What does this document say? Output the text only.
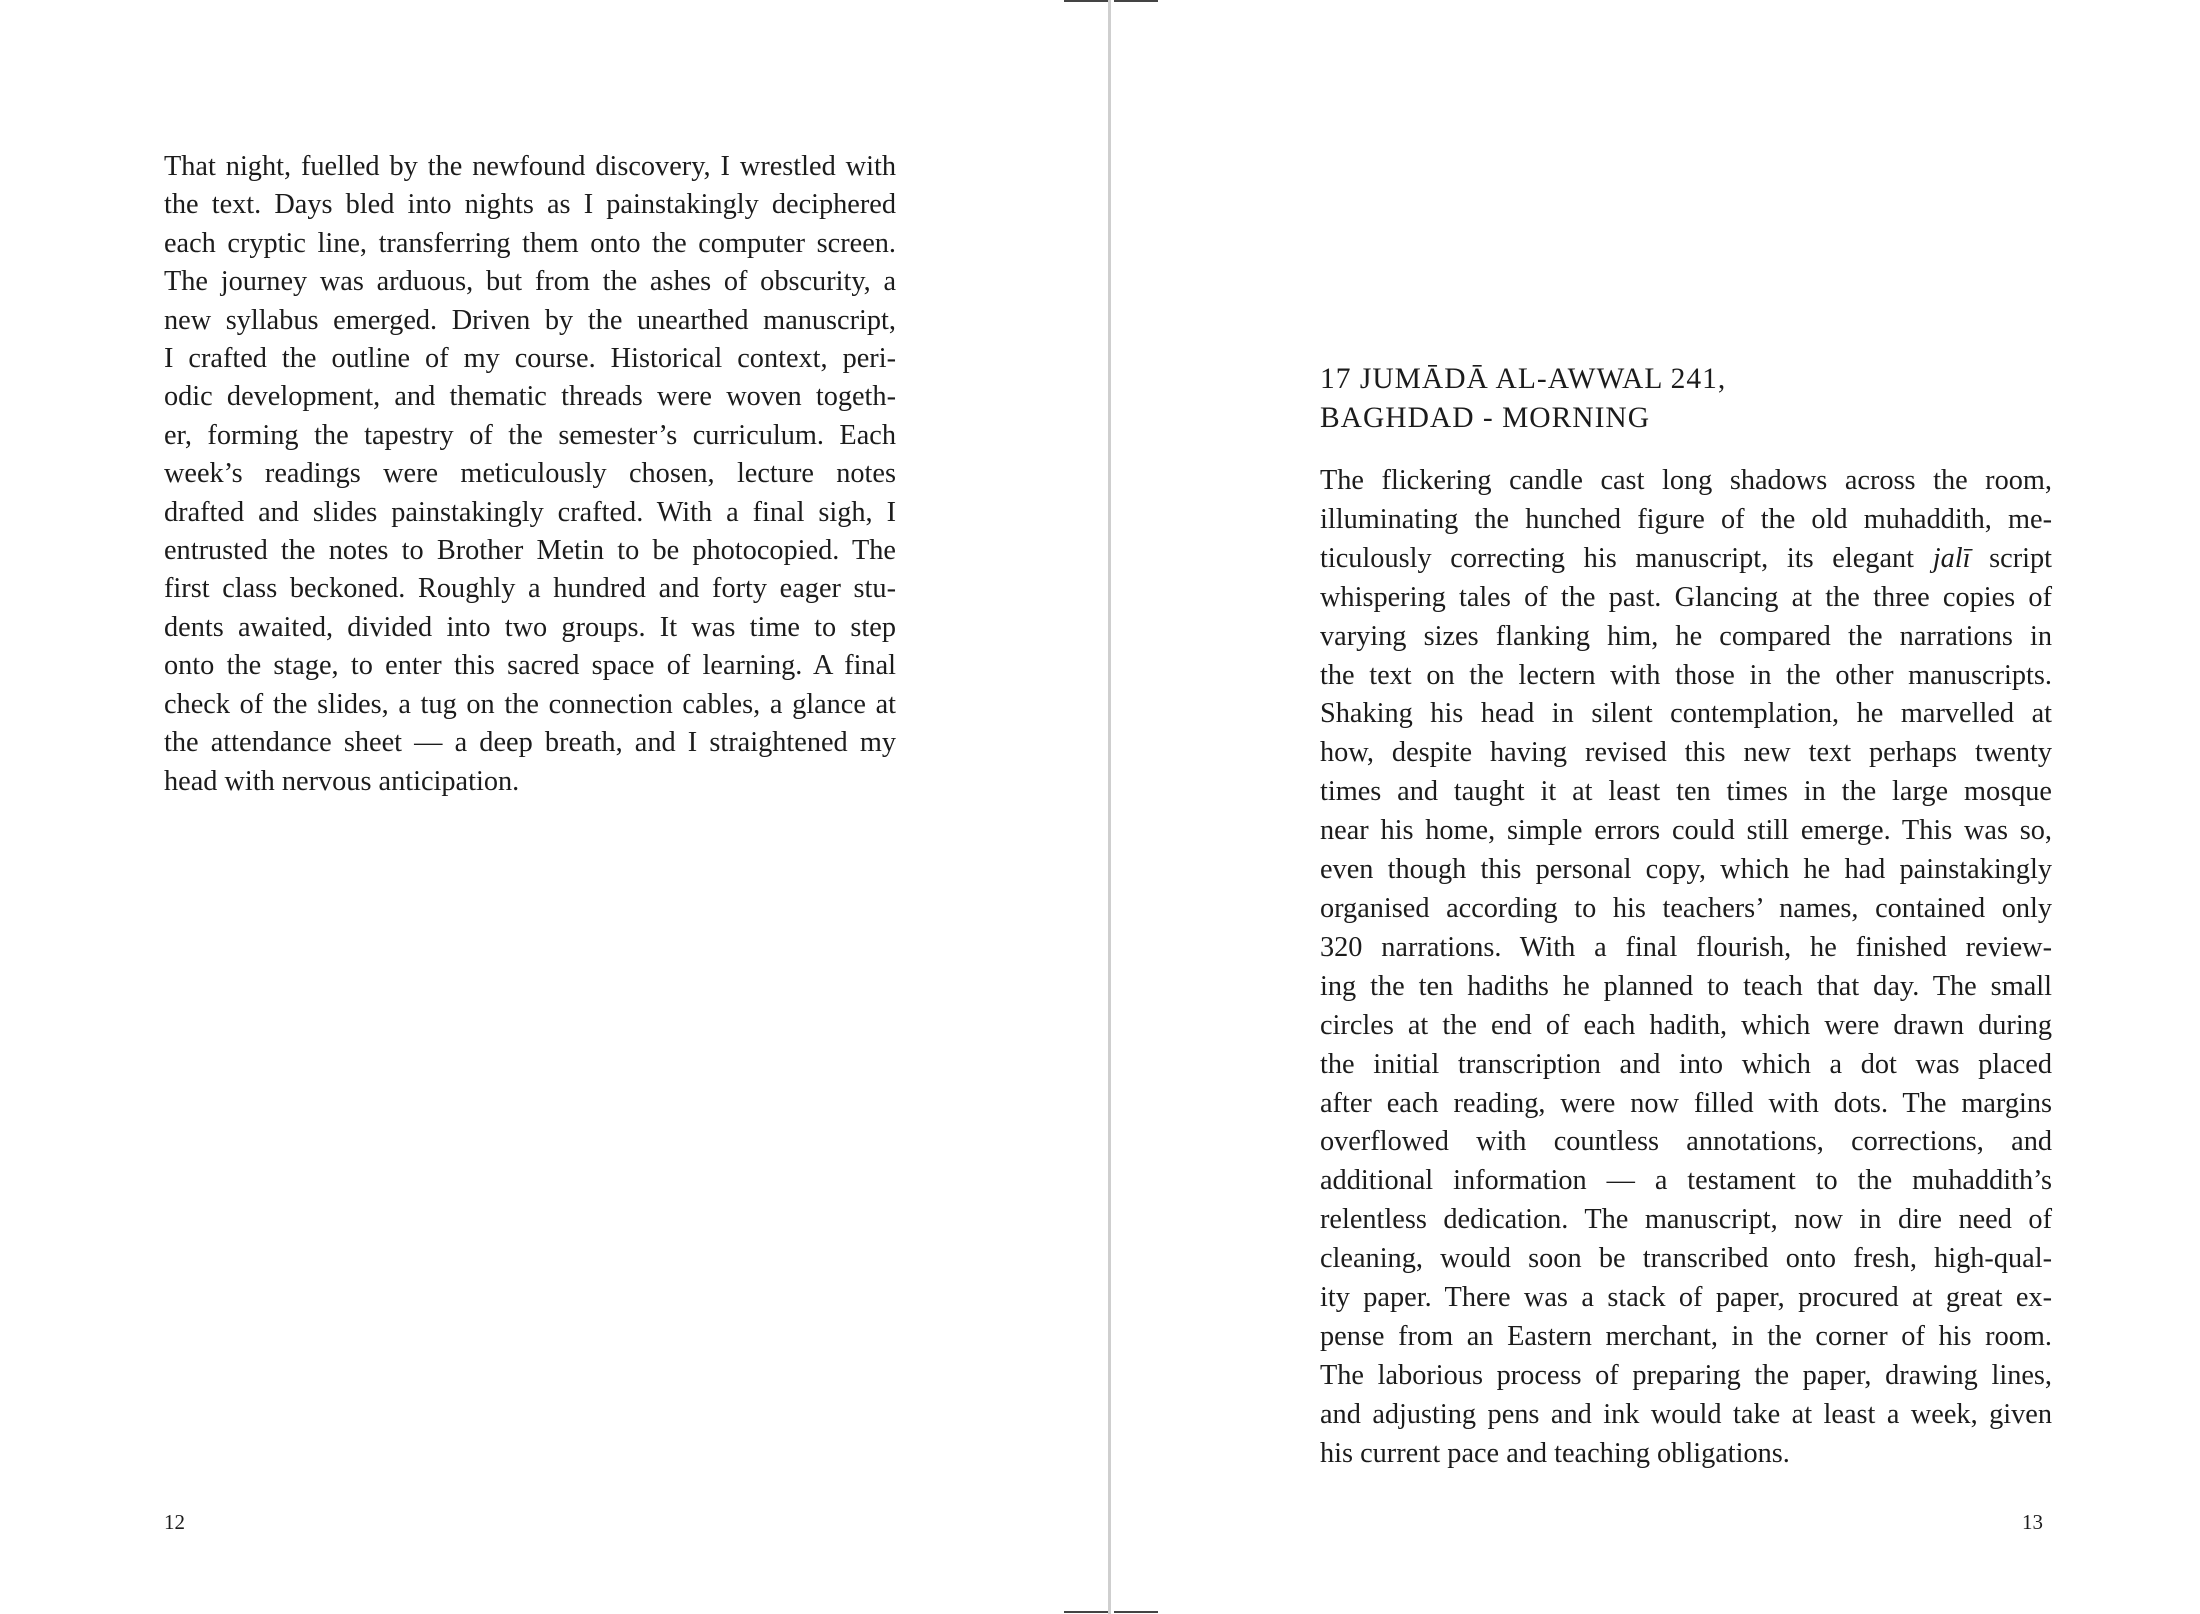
That night, fuelled by the newfound discovery, I wrestled with
the text. Days bled into nights as I painstakingly deciphered
each cryptic line, transferring them onto the computer screen.
The journey was arduous, but from the ashes of obscurity, a
new syllabus emerged. Driven by the unearthed manuscript,
I crafted the outline of my course. Historical context, peri-
odic development, and thematic threads were woven togeth-
er, forming the tapestry of the semester’s curriculum. Each
week’s readings were meticulously chosen, lecture notes
drafted and slides painstakingly crafted. With a final sigh, I
entrusted the notes to Brother Metin to be photocopied. The
first class beckoned. Roughly a hundred and forty eager stu-
dents awaited, divided into two groups. It was time to step
onto the stage, to enter this sacred space of learning. A final
check of the slides, a tug on the connection cables, a glance at
the attendance sheet — a deep breath, and I straightened my
head with nervous anticipation.
12
17 JUMĀDĀ AL-AWWAL 241,
BAGHDAD - MORNING
The flickering candle cast long shadows across the room,
illuminating the hunched figure of the old muhaddith, me-
ticulously correcting his manuscript, its elegant jalī script
whispering tales of the past. Glancing at the three copies of
varying sizes flanking him, he compared the narrations in
the text on the lectern with those in the other manuscripts.
Shaking his head in silent contemplation, he marvelled at
how, despite having revised this new text perhaps twenty
times and taught it at least ten times in the large mosque
near his home, simple errors could still emerge. This was so,
even though this personal copy, which he had painstakingly
organised according to his teachers’ names, contained only
320 narrations. With a final flourish, he finished review-
ing the ten hadiths he planned to teach that day. The small
circles at the end of each hadith, which were drawn during
the initial transcription and into which a dot was placed
after each reading, were now filled with dots. The margins
overflowed with countless annotations, corrections, and
additional information — a testament to the muhaddith’s
relentless dedication. The manuscript, now in dire need of
cleaning, would soon be transcribed onto fresh, high-qual-
ity paper. There was a stack of paper, procured at great ex-
pense from an Eastern merchant, in the corner of his room.
The laborious process of preparing the paper, drawing lines,
and adjusting pens and ink would take at least a week, given
his current pace and teaching obligations.
13
